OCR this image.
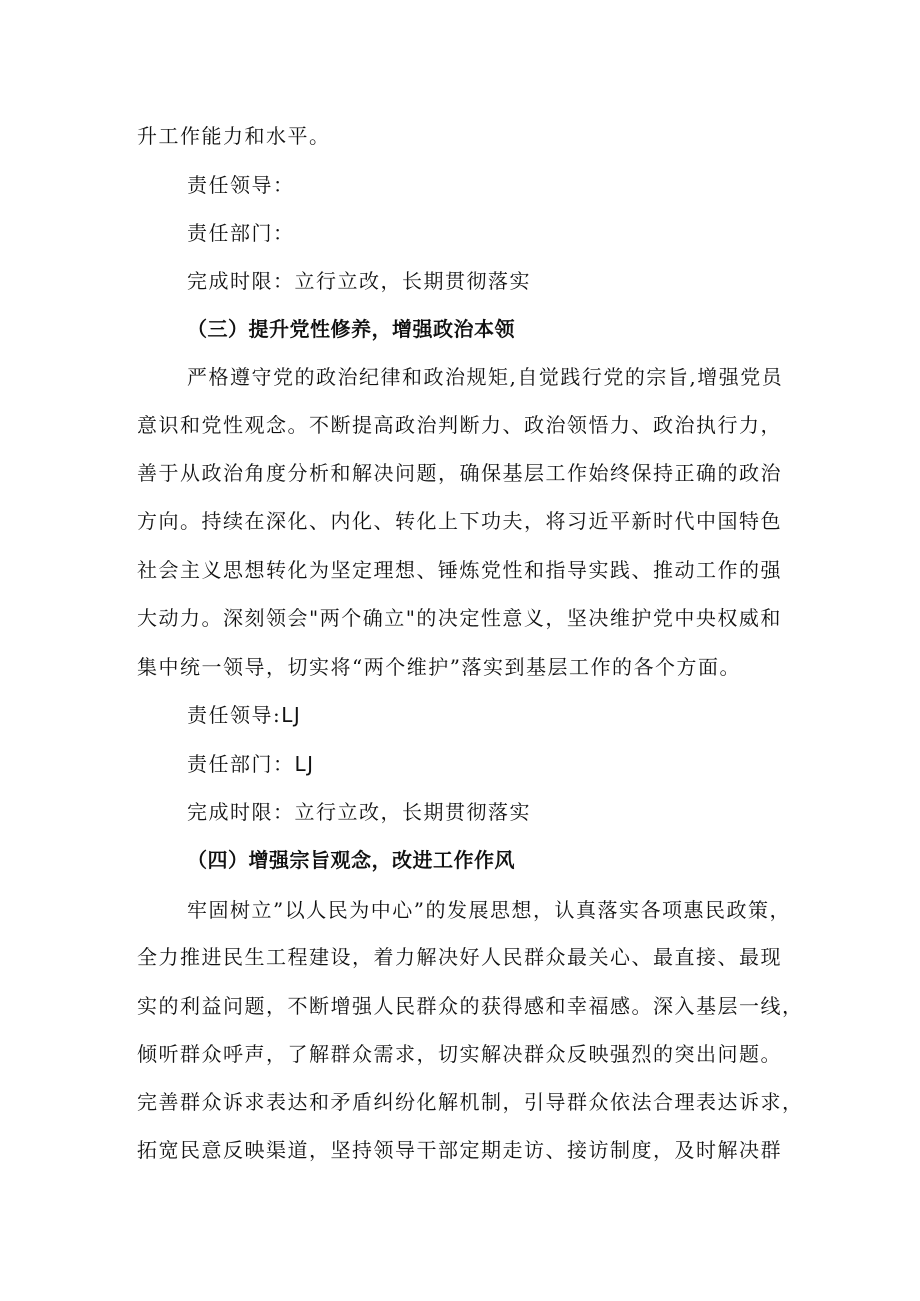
升工作能力和水平。
责任领导：
责任部门：
完成时限：立行立改，长期贯彻落实
（三）提升党性修养，增强政治本领
严格遵守党的政治纪律和政治规矩,自觉践行党的宗旨,增强党员
意识和党性观念。不断提高政治判断力、政治领悟力、政治执行力，
善于从政治角度分析和解决问题，确保基层工作始终保持正确的政治
方向。持续在深化、内化、转化上下功夫，将习近平新时代中国特色
社会主义思想转化为坚定理想、锤炼党性和指导实践、推动工作的强
大动力。深刻领会"两个确立"的决定性意义，坚决维护党中央权威和
集中统一领导，切实将“两个维护”落实到基层工作的各个方面。
责任领导:LJ
责任部门：LJ
完成时限：立行立改，长期贯彻落实
（四）增强宗旨观念，改进工作作风
牢固树立”以人民为中心”的发展思想，认真落实各项惠民政策，
全力推进民生工程建设，着力解决好人民群众最关心、最直接、最现
实的利益问题，不断增强人民群众的获得感和幸福感。深入基层一线，
倾听群众呼声，了解群众需求，切实解决群众反映强烈的突出问题。
完善群众诉求表达和矛盾纠纷化解机制，引导群众依法合理表达诉求，
拓宽民意反映渠道，坚持领导干部定期走访、接访制度，及时解决群
